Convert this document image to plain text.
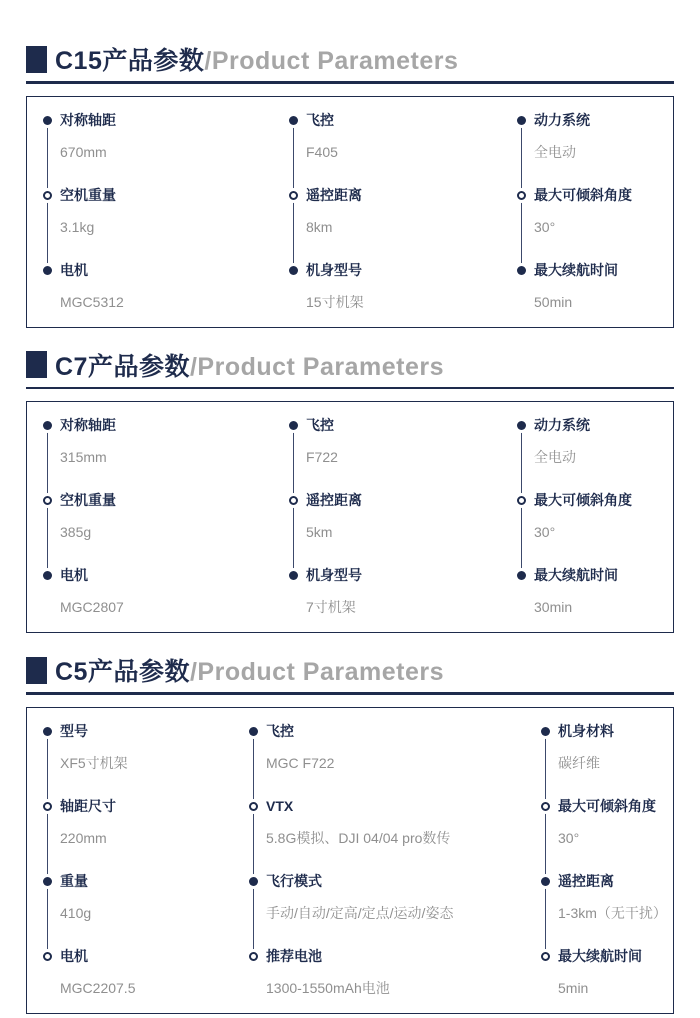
C15产品参数/Product Parameters
对称轴距
670mm
空机重量
3.1kg
电机
MGC5312
飞控
F405
遥控距离
8km
机身型号
15寸机架
动力系统
全电动
最大可倾斜角度
30°
最大续航时间
50min
C7产品参数/Product Parameters
对称轴距
315mm
空机重量
385g
电机
MGC2807
飞控
F722
遥控距离
5km
机身型号
7寸机架
动力系统
全电动
最大可倾斜角度
30°
最大续航时间
30min
C5产品参数/Product Parameters
型号
XF5寸机架
轴距尺寸
220mm
重量
410g
电机
MGC2207.5
飞控
MGC F722
VTX
5.8G模拟、DJI 04/04 pro数传
飞行模式
手动/自动/定高/定点/运动/姿态
推荐电池
1300-1550mAh电池
机身材料
碳纤维
最大可倾斜角度
30°
遥控距离
1-3km（无干扰）
最大续航时间
5min
